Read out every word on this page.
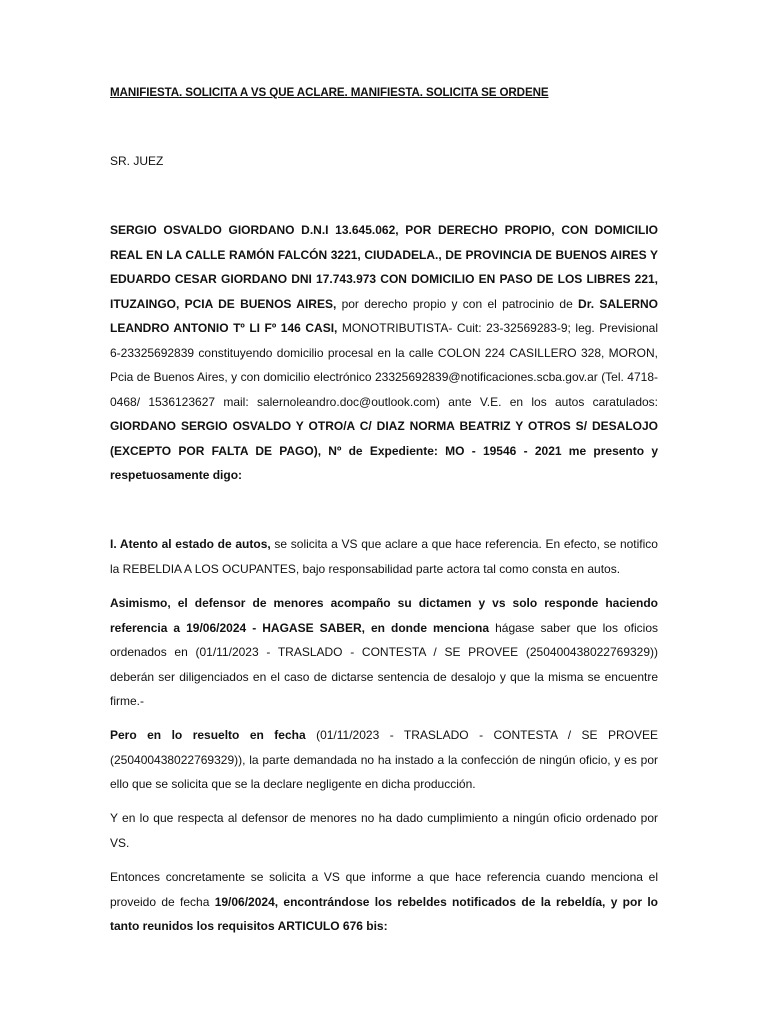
MANIFIESTA. SOLICITA A VS QUE ACLARE. MANIFIESTA. SOLICITA SE ORDENE
SR. JUEZ
SERGIO OSVALDO GIORDANO D.N.I 13.645.062, POR DERECHO PROPIO, CON DOMICILIO REAL EN LA CALLE RAMÓN FALCÓN 3221, CIUDADELA., DE PROVINCIA DE BUENOS AIRES Y EDUARDO CESAR GIORDANO DNI 17.743.973 CON DOMICILIO EN PASO DE LOS LIBRES 221, ITUZAINGO, PCIA DE BUENOS AIRES, por derecho propio y con el patrocinio de Dr. SALERNO LEANDRO ANTONIO Tº LI Fº 146 CASI, MONOTRIBUTISTA- Cuit: 23-32569283-9; leg. Previsional 6-23325692839 constituyendo domicilio procesal en la calle COLON 224 CASILLERO 328, MORON, Pcia de Buenos Aires, y con domicilio electrónico 23325692839@notificaciones.scba.gov.ar (Tel. 4718-0468/ 1536123627 mail: salernoleandro.doc@outlook.com) ante V.E. en los autos caratulados: GIORDANO SERGIO OSVALDO Y OTRO/A C/ DIAZ NORMA BEATRIZ Y OTROS S/ DESALOJO (EXCEPTO POR FALTA DE PAGO), Nº de Expediente: MO - 19546 - 2021 me presento y respetuosamente digo:
I. Atento al estado de autos, se solicita a VS que aclare a que hace referencia. En efecto, se notifico la REBELDIA A LOS OCUPANTES, bajo responsabilidad parte actora tal como consta en autos.
Asimismo, el defensor de menores acompaño su dictamen y vs solo responde haciendo referencia a 19/06/2024 - HAGASE SABER, en donde menciona hágase saber que los oficios ordenados en (01/11/2023 - TRASLADO - CONTESTA / SE PROVEE (250400438022769329)) deberán ser diligenciados en el caso de dictarse sentencia de desalojo y que la misma se encuentre firme.-
Pero en lo resuelto en fecha (01/11/2023 - TRASLADO - CONTESTA / SE PROVEE (250400438022769329)), la parte demandada no ha instado a la confección de ningún oficio, y es por ello que se solicita que se la declare negligente en dicha producción.
Y en lo que respecta al defensor de menores no ha dado cumplimiento a ningún oficio ordenado por VS.
Entonces concretamente se solicita a VS que informe a que hace referencia cuando menciona el proveido de fecha 19/06/2024, encontrándose los rebeldes notificados de la rebeldía, y por lo tanto reunidos los requisitos ARTICULO 676 bis:
